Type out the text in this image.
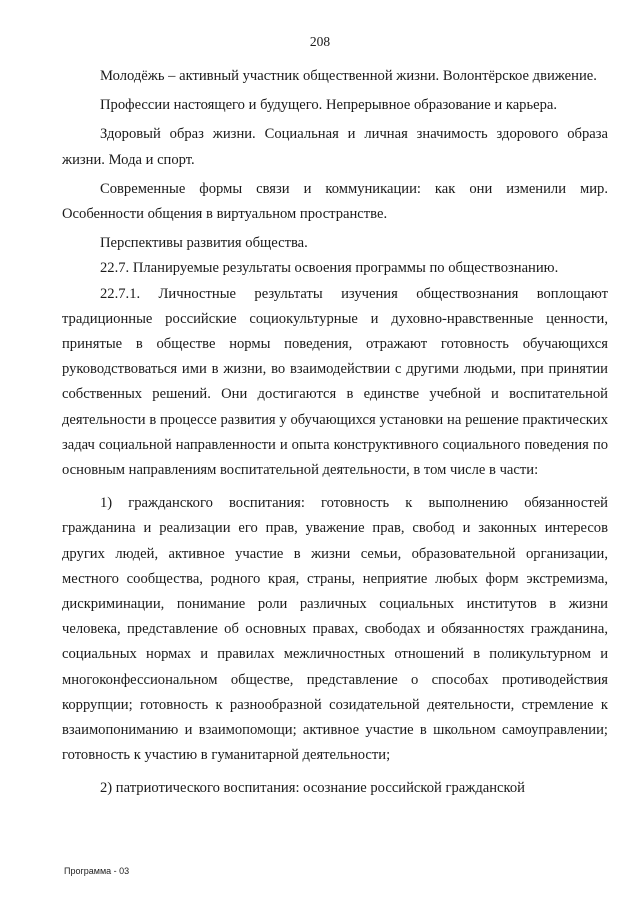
208

Молодёжь – активный участник общественной жизни. Волонтёрское движение.

Профессии настоящего и будущего. Непрерывное образование и карьера.

Здоровый образ жизни. Социальная и личная значимость здорового образа жизни. Мода и спорт.

Современные формы связи и коммуникации: как они изменили мир. Особенности общения в виртуальном пространстве.

Перспективы развития общества.

22.7. Планируемые результаты освоения программы по обществознанию.

22.7.1. Личностные результаты изучения обществознания воплощают традиционные российские социокультурные и духовно-нравственные ценности, принятые в обществе нормы поведения, отражают готовность обучающихся руководствоваться ими в жизни, во взаимодействии с другими людьми, при принятии собственных решений. Они достигаются в единстве учебной и воспитательной деятельности в процессе развития у обучающихся установки на решение практических задач социальной направленности и опыта конструктивного социального поведения по основным направлениям воспитательной деятельности, в том числе в части:

1) гражданского воспитания: готовность к выполнению обязанностей гражданина и реализации его прав, уважение прав, свобод и законных интересов других людей, активное участие в жизни семьи, образовательной организации, местного сообщества, родного края, страны, неприятие любых форм экстремизма, дискриминации, понимание роли различных социальных институтов в жизни человека, представление об основных правах, свободах и обязанностях гражданина, социальных нормах и правилах межличностных отношений в поликультурном и многоконфессиональном обществе, представление о способах противодействия коррупции; готовность к разнообразной созидательной деятельности, стремление к взаимопониманию и взаимопомощи; активное участие в школьном самоуправлении; готовность к участию в гуманитарной деятельности;

2) патриотического воспитания: осознание российской гражданской

Программа - 03
